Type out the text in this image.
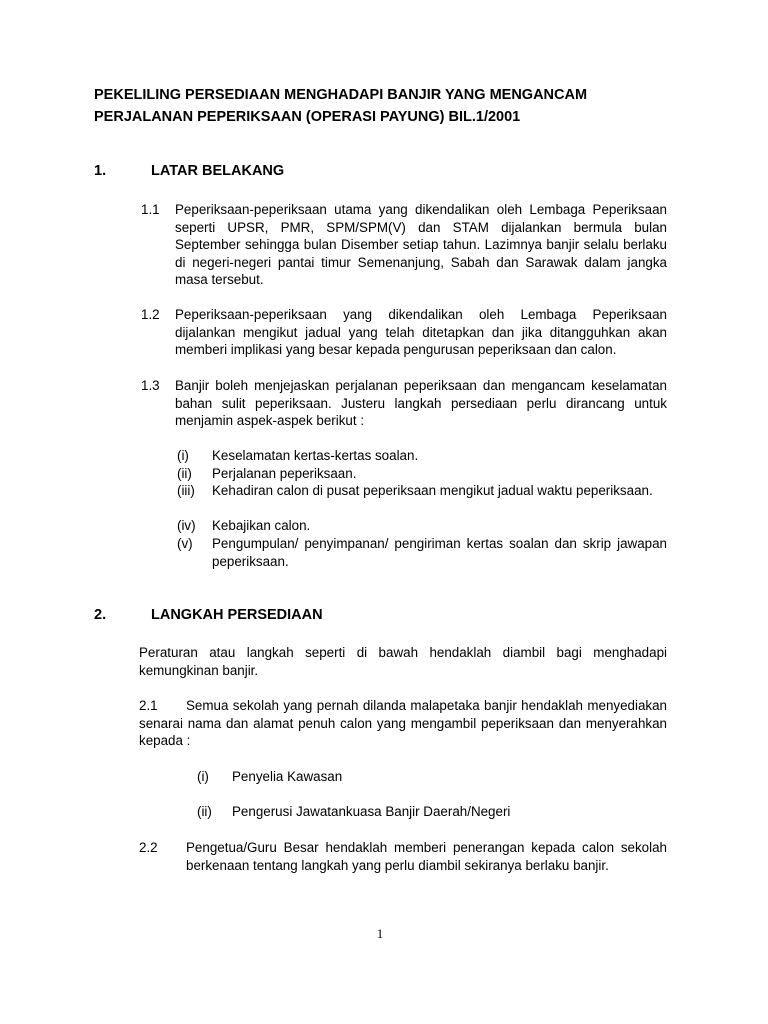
PEKELILING PERSEDIAAN MENGHADAPI BANJIR YANG MENGANCAM
PERJALANAN PEPERIKSAAN (OPERASI PAYUNG) BIL.1/2001
1.	LATAR BELAKANG
1.1 Peperiksaan-peperiksaan utama yang dikendalikan oleh Lembaga Peperiksaan seperti UPSR, PMR, SPM/SPM(V) dan STAM dijalankan bermula bulan September sehingga bulan Disember setiap tahun. Lazimnya banjir selalu berlaku di negeri-negeri pantai timur Semenanjung, Sabah dan Sarawak dalam jangka masa tersebut.
1.2 Peperiksaan-peperiksaan yang dikendalikan oleh Lembaga Peperiksaan dijalankan mengikut jadual yang telah ditetapkan dan jika ditangguhkan akan memberi implikasi yang besar kepada pengurusan peperiksaan dan calon.
1.3 Banjir boleh menjejaskan perjalanan peperiksaan dan mengancam keselamatan bahan sulit peperiksaan. Justeru langkah persediaan perlu dirancang untuk menjamin aspek-aspek berikut :
(i) Keselamatan kertas-kertas soalan.
(ii) Perjalanan peperiksaan.
(iii) Kehadiran calon di pusat peperiksaan mengikut jadual waktu peperiksaan.
(iv) Kebajikan calon.
(v) Pengumpulan/ penyimpanan/ pengiriman kertas soalan dan skrip jawapan peperiksaan.
2.	LANGKAH PERSEDIAAN
Peraturan atau langkah seperti di bawah hendaklah diambil bagi menghadapi kemungkinan banjir.
Semua sekolah yang pernah dilanda malapetaka banjir hendaklah menyediakan senarai nama dan alamat penuh calon yang mengambil peperiksaan dan menyerahkan kepada :
2.1
(i) Penyelia Kawasan
(ii) Pengerusi Jawatankuasa Banjir Daerah/Negeri
2.2 Pengetua/Guru Besar hendaklah memberi penerangan kepada calon sekolah berkenaan tentang langkah yang perlu diambil sekiranya berlaku banjir.
1
